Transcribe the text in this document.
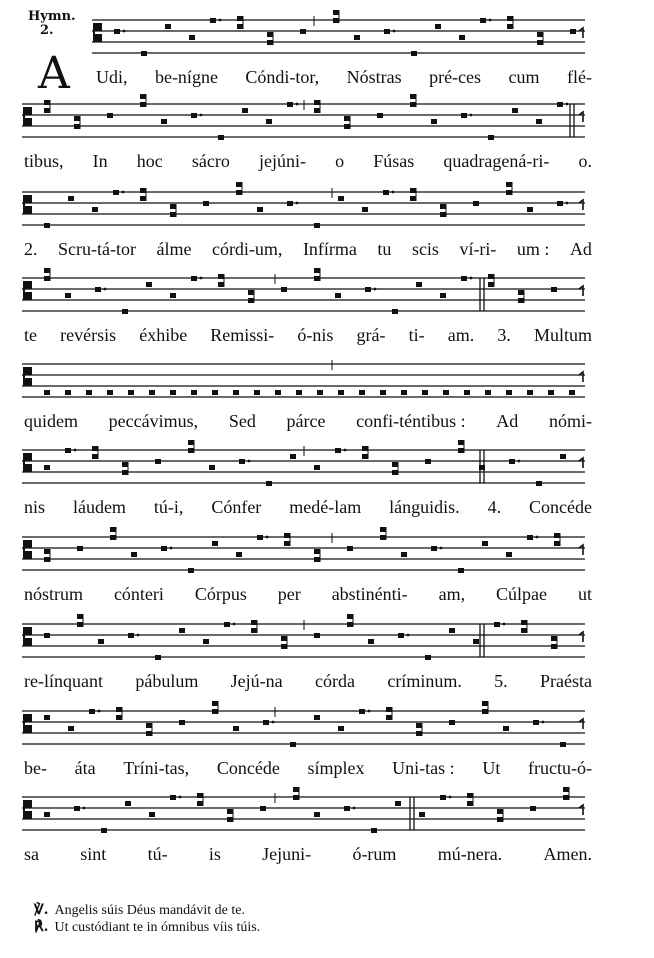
Hymn.
2.
A Udi, be-nígne Cóndi-tor, Nóstras pré-ces cum flé-
tibus, In hoc sácro jejúni- o Fúsas quadragená-ri- o.
2. Scru-tá-tor álme córdi-um, Infírma tu scis ví-ri- um : Ad
te revérsis éxhibe Remissi- ó-nis grá- ti- am. 3. Multum
quidem peccávimus, Sed párce confi-téntibus : Ad nómi-
nis láudem tú-i, Cónfer medé-lam lánguidis. 4. Concéde
nóstrum cónteri Córpus per abstinénti- am, Cúlpae ut
re-línquant pábulum Jejú-na córda críminum. 5. Praésta
be- áta Tríni-tas, Concéde símplex Uni-tas : Ut fructu-ó-
sa sint tú- is Jejuni- ó-rum mú-nera. Amen.
℣. Angelis súis Déus mandávit de te.
℟. Ut custódiant te in ómnibus víis túis.
